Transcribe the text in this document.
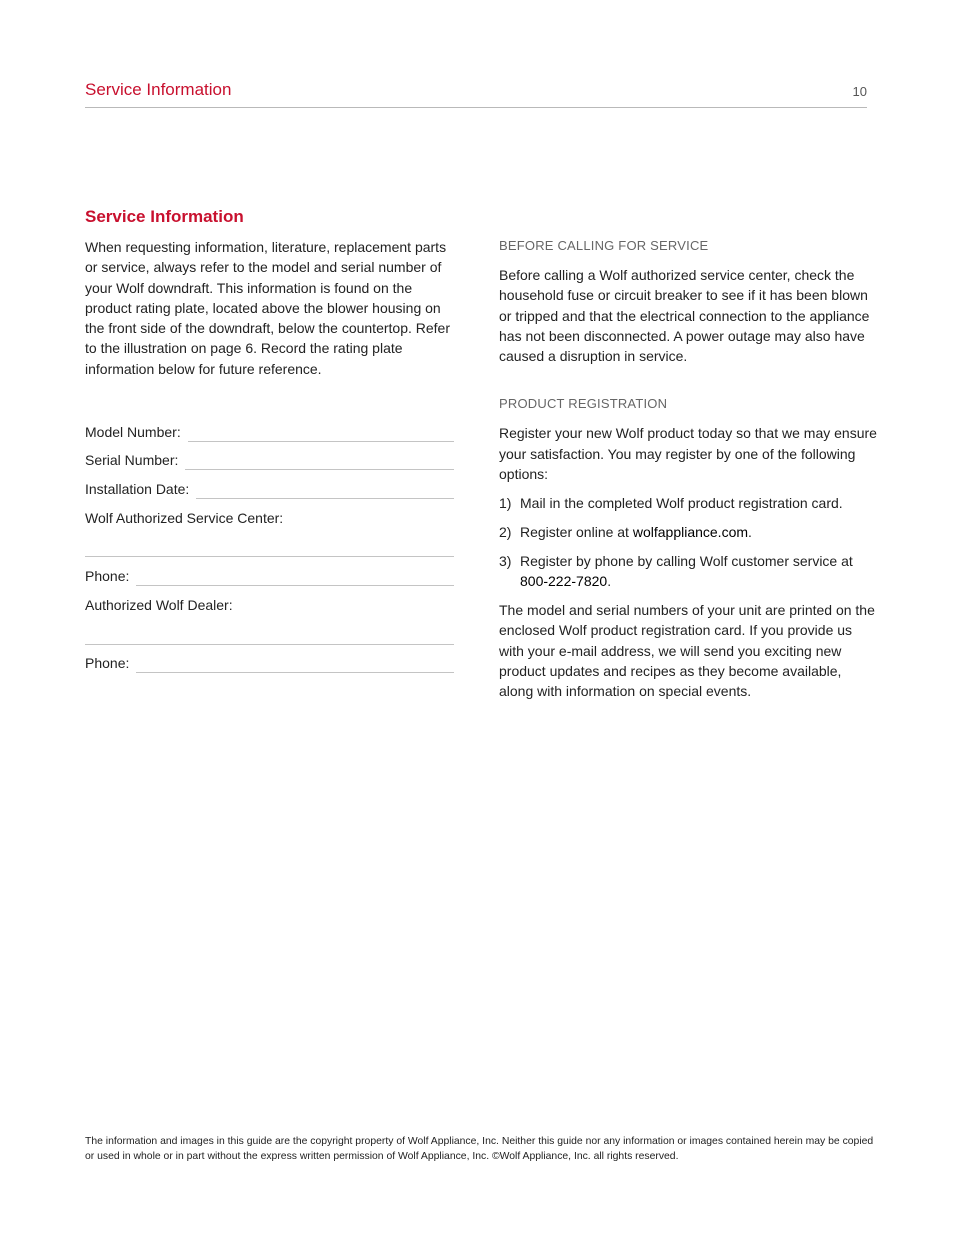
Service Information	10
Service Information

When requesting information, literature, replacement parts or service, always refer to the model and serial number of your Wolf downdraft. This information is found on the product rating plate, located above the blower housing on the front side of the downdraft, below the countertop. Refer to the illustration on page 6. Record the rating plate information below for future reference.

Model Number:
Serial Number:
Installation Date:
Wolf Authorized Service Center:
Phone:
Authorized Wolf Dealer:
Phone:

BEFORE CALLING FOR SERVICE

Before calling a Wolf authorized service center, check the household fuse or circuit breaker to see if it has been blown or tripped and that the electrical connection to the appliance has not been disconnected. A power outage may also have caused a disruption in service.

PRODUCT REGISTRATION

Register your new Wolf product today so that we may ensure your satisfaction. You may register by one of the following options:

1) Mail in the completed Wolf product registration card.
2) Register online at wolfappliance.com.
3) Register by phone by calling Wolf customer service at 800-222-7820.

The model and serial numbers of your unit are printed on the enclosed Wolf product registration card. If you provide us with your e-mail address, we will send you exciting new product updates and recipes as they become available, along with information on special events.

The information and images in this guide are the copyright property of Wolf Appliance, Inc. Neither this guide nor any information or images contained herein may be copied or used in whole or in part without the express written permission of Wolf Appliance, Inc. ©Wolf Appliance, Inc. all rights reserved.
